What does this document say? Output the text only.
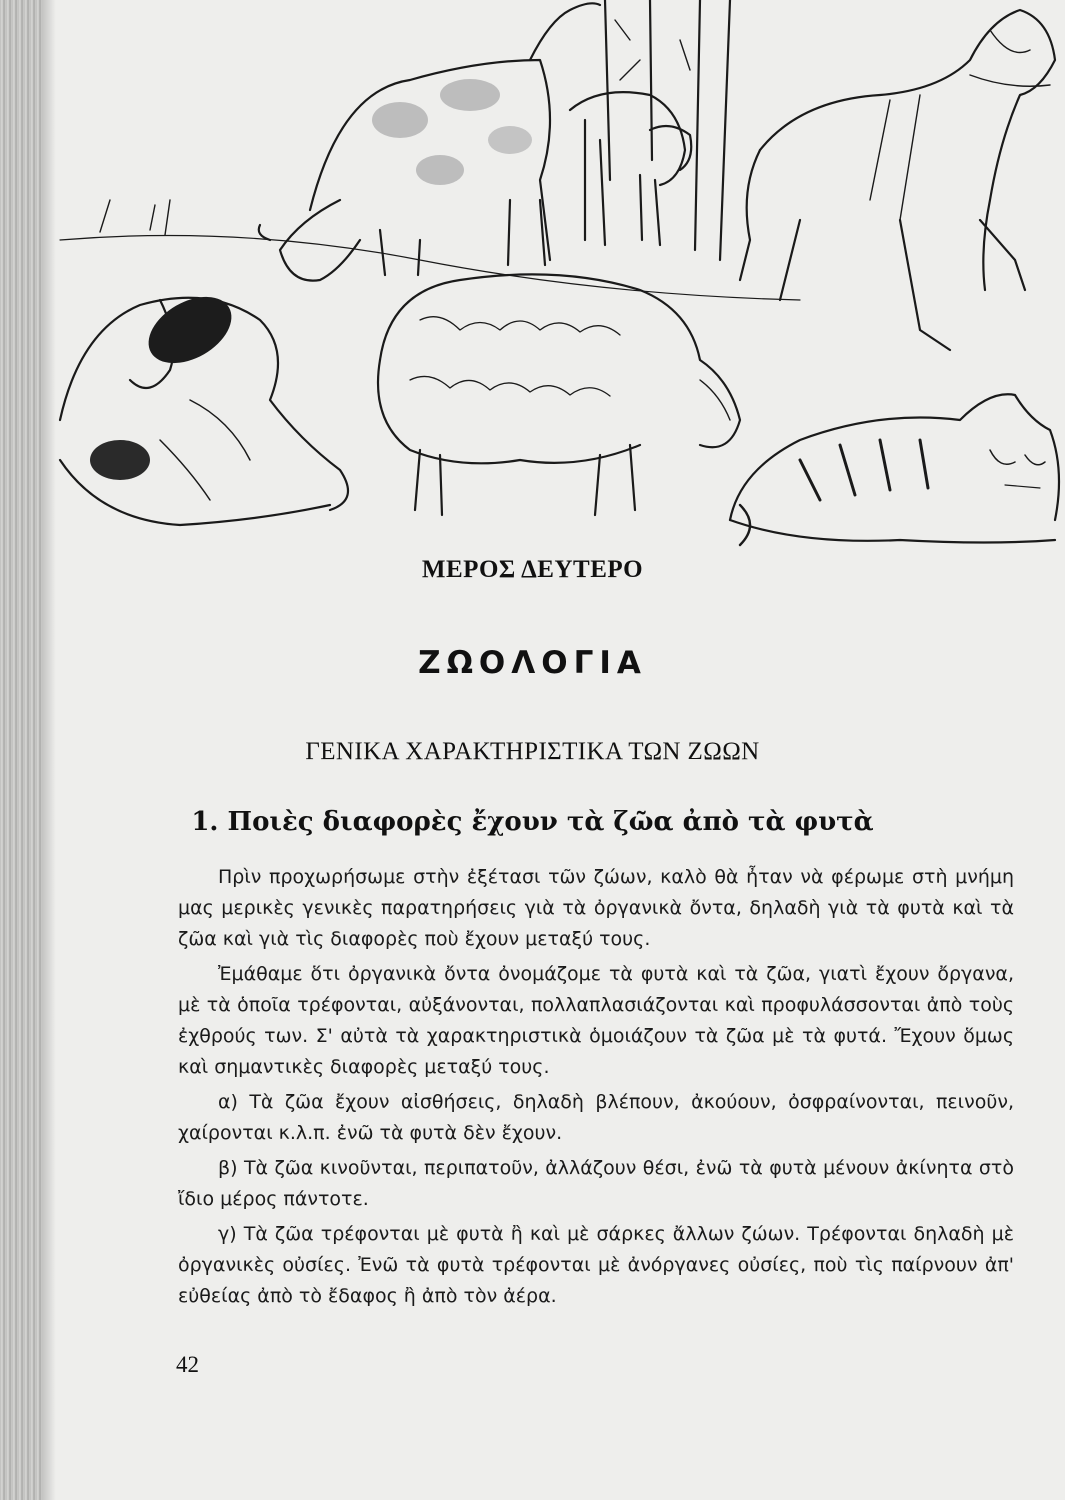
ΜΕΡΟΣ ΔΕΥΤΕΡΟ
ΖΩΟΛΟΓΙΑ
ΓΕΝΙΚΑ ΧΑΡΑΚΤΗΡΙΣΤΙΚΑ ΤΩΝ ΖΩΩΝ
1. Ποιὲς διαφορὲς ἔχουν τὰ ζῶα ἀπὸ τὰ φυτὰ

Πρὶν προχωρήσωμε στὴν ἐξέτασι τῶν ζώων, καλὸ θὰ ἦταν νὰ φέρωμε στὴ μνήμη μας μερικὲς γενικὲς παρατηρήσεις γιὰ τὰ ὀργανικὰ ὄντα, δηλαδὴ γιὰ τὰ φυτὰ καὶ τὰ ζῶα καὶ γιὰ τὶς διαφορὲς ποὺ ἔχουν μεταξύ τους.

Ἐμάθαμε ὅτι ὀργανικὰ ὄντα ὀνομάζομε τὰ φυτὰ καὶ τὰ ζῶα, γιατὶ ἔχουν ὄργανα, μὲ τὰ ὁποῖα τρέφονται, αὐξάνονται, πολλαπλασιάζονται καὶ προφυλάσσονται ἀπὸ τοὺς ἐχθρούς των. Σ' αὐτὰ τὰ χαρακτηριστικὰ ὁμοιάζουν τὰ ζῶα μὲ τὰ φυτά. Ἔχουν ὅμως καὶ σημαντικὲς διαφορὲς μεταξύ τους.

α) Τὰ ζῶα ἔχουν αἰσθήσεις, δηλαδὴ βλέπουν, ἀκούουν, ὀσφραίνονται, πεινοῦν, χαίρονται κ.λ.π. ἐνῶ τὰ φυτὰ δὲν ἔχουν.

β) Τὰ ζῶα κινοῦνται, περιπατοῦν, ἀλλάζουν θέσι, ἐνῶ τὰ φυτὰ μένουν ἀκίνητα στὸ ἴδιο μέρος πάντοτε.

γ) Τὰ ζῶα τρέφονται μὲ φυτὰ ἢ καὶ μὲ σάρκες ἄλλων ζώων. Τρέφονται δηλαδὴ μὲ ὀργανικὲς οὐσίες. Ἐνῶ τὰ φυτὰ τρέφονται μὲ ἀνόργανες οὐσίες, ποὺ τὶς παίρνουν ἀπ' εὐθείας ἀπὸ τὸ ἔδαφος ἢ ἀπὸ τὸν ἀέρα.

42
